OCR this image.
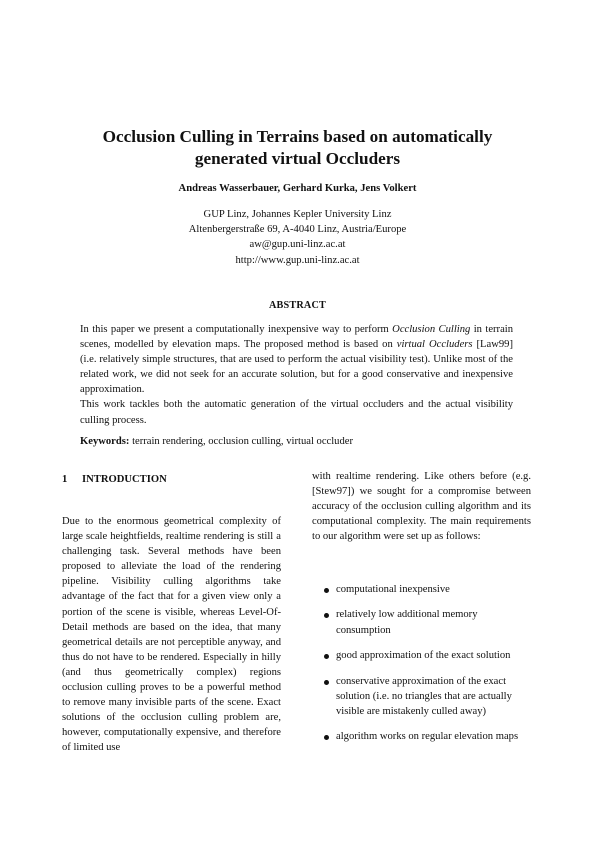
Occlusion Culling in Terrains based on automatically
generated virtual Occluders
Andreas Wasserbauer, Gerhard Kurka, Jens Volkert
GUP Linz, Johannes Kepler University Linz
Altenbergerstraße 69, A-4040 Linz, Austria/Europe
aw@gup.uni-linz.ac.at
http://www.gup.uni-linz.ac.at
ABSTRACT

In this paper we present a computationally inexpensive way to perform Occlusion Culling in terrain scenes, modelled by elevation maps. The proposed method is based on virtual Occluders [Law99] (i.e. relatively simple structures, that are used to perform the actual visibility test). Unlike most of the related work, we did not seek for an accurate solution, but for a good conservative and inexpensive approximation.

This work tackles both the automatic generation of the virtual occluders and the actual visibility culling process.

Keywords: terrain rendering, occlusion culling, virtual occluder
1 INTRODUCTION

Due to the enormous geometrical complexity of large scale heightfields, realtime rendering is still a challenging task. Several methods have been proposed to alleviate the load of the rendering pipeline. Visibility culling algorithms take advantage of the fact that for a given view only a portion of the scene is visible, whereas Level-Of-Detail methods are based on the idea, that many geometrical details are not perceptible anyway, and thus do not have to be rendered. Especially in hilly (and thus geometrically complex) regions occlusion culling proves to be a powerful method to remove many invisible parts of the scene. Exact solutions of the occlusion culling problem are, however, computationally expensive, and therefore of limited use

with realtime rendering. Like others before (e.g.[Stew97]) we sought for a compromise between accuracy of the occlusion culling algorithm and its computational complexity. The main requirements to our algorithm were set up as follows:

computational inexpensive
relatively low additional memory consumption
good approximation of the exact solution
conservative approximation of the exact solution (i.e. no triangles that are actually visible are mistakenly culled away)
algorithm works on regular elevation maps
